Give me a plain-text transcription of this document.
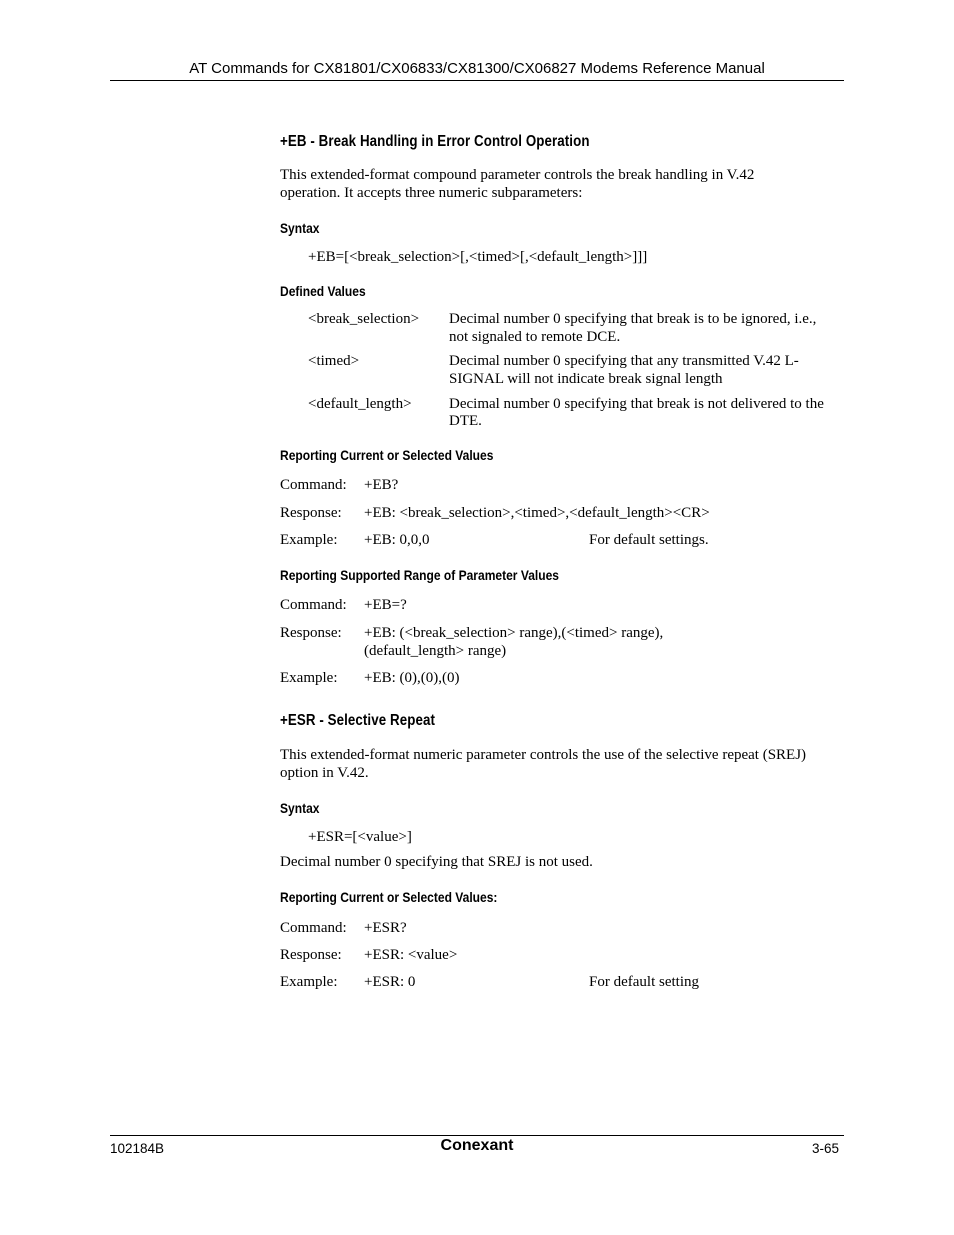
AT Commands for CX81801/CX06833/CX81300/CX06827 Modems Reference Manual
+EB - Break Handling in Error Control Operation
This extended-format compound parameter controls the break handling in V.42
operation. It accepts three numeric subparameters:
Syntax
+EB=[<break_selection>[,<timed>[,<default_length>]]]
Defined Values
<break_selection> Decimal number 0 specifying that break is to be ignored, i.e.,
not signaled to remote DCE.
<timed>	Decimal number 0 specifying that any transmitted V.42 L-
SIGNAL will not indicate break signal length
<default_length> Decimal number 0 specifying that break is not delivered to the
DTE.
Reporting Current or Selected Values
Command: +EB?
Response: +EB: <break_selection>,<timed>,<default_length><CR>
Example: +EB: 0,0,0	For default settings.
Reporting Supported Range of Parameter Values
Command: +EB=?
Response: +EB: (<break_selection> range),(<timed> range),
(default_length> range)
Example: +EB: (0),(0),(0)
+ESR - Selective Repeat
This extended-format numeric parameter controls the use of the selective repeat (SREJ)
option in V.42.
Syntax
+ESR=[<value>]
Decimal number 0 specifying that SREJ is not used.
Reporting Current or Selected Values:
Command: +ESR?
Response: +ESR: <value>
Example: +ESR: 0	For default setting
102184B	Conexant	3-65
